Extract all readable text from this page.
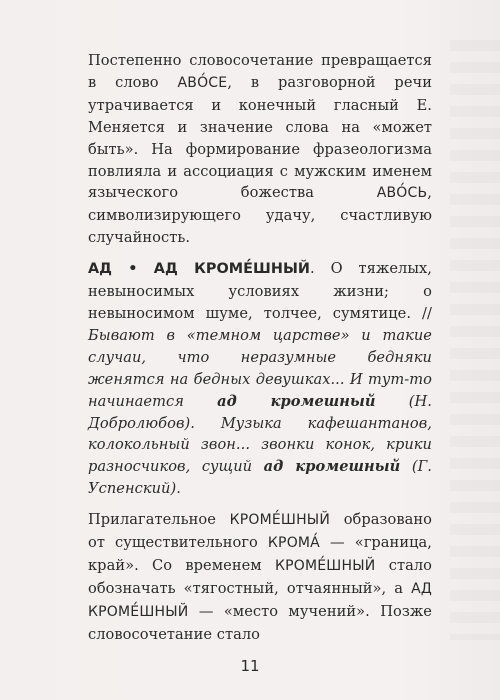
Постепенно словосочетание превращается в слово АВО́СЕ, в разговорной речи утрачивается и конечный гласный Е. Меняется и значение слова на «может быть». На формирование фразеологизма повлияла и ассоциация с мужским именем языческого божества АВО́СЬ, символизирующего удачу, счастливую случайность.

АД • АД КРОМЕ́ШНЫЙ. О тяжелых, невыносимых условиях жизни; о невыносимом шуме, толчее, сумятице. // Бывают в «темном царстве» и такие случаи, что неразумные бедняки женятся на бедных девушках... И тут-то начинается ад кромешный (Н. Добролюбов). Музыка кафешантанов, колокольный звон... звонки конок, крики разносчиков, сущий ад кромешный (Г. Успенский).

Прилагательное КРОМЕ́ШНЫЙ образовано от существительного КРОМА́ — «граница, край». Со временем КРОМЕ́ШНЫЙ стало обозначать «тягостный, отчаянный», а АД КРОМЕ́ШНЫЙ — «место мучений». Позже словосочетание стало

11
